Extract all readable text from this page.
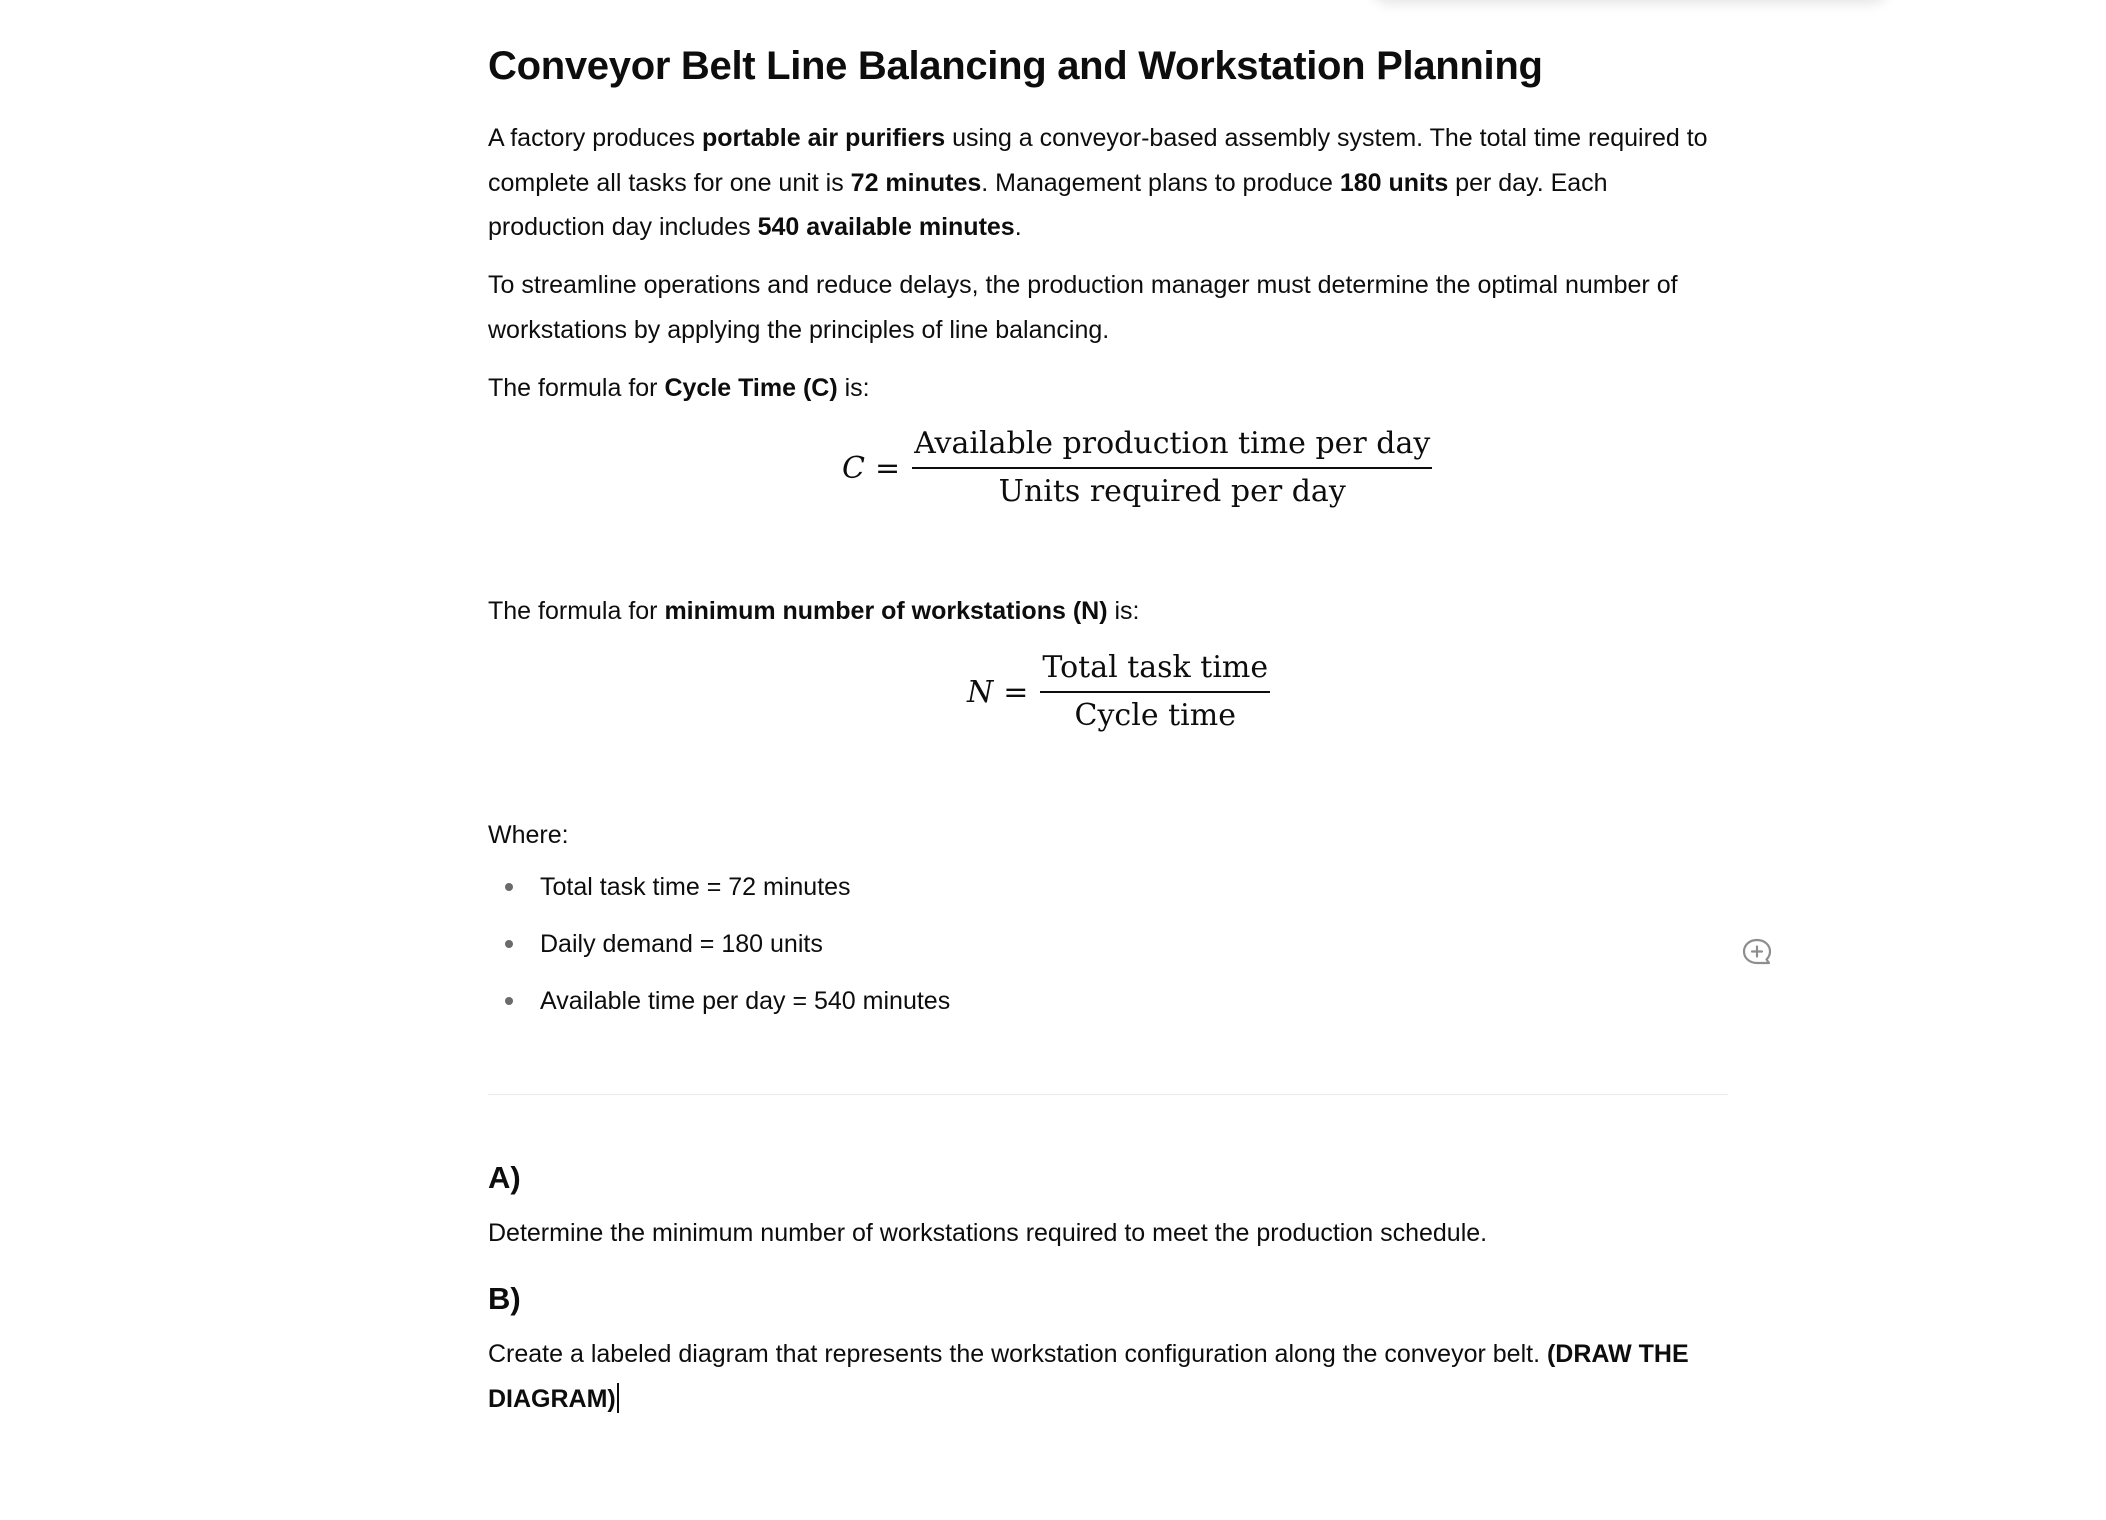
Conveyor Belt Line Balancing and Workstation Planning

A factory produces portable air purifiers using a conveyor-based assembly system. The total time required to complete all tasks for one unit is 72 minutes. Management plans to produce 180 units per day. Each production day includes 540 available minutes.

To streamline operations and reduce delays, the production manager must determine the optimal number of workstations by applying the principles of line balancing.

The formula for Cycle Time (C) is:

$C = \frac{\text{Available production time per day}}{\text{Units required per day}}$

The formula for minimum number of workstations (N) is:

$N = \frac{\text{Total task time}}{\text{Cycle time}}$

Where:

Total task time = 72 minutes
Daily demand = 180 units
Available time per day = 540 minutes
A)

Determine the minimum number of workstations required to meet the production schedule.

B)

Create a labeled diagram that represents the workstation configuration along the conveyor belt. (DRAW THE DIAGRAM)
